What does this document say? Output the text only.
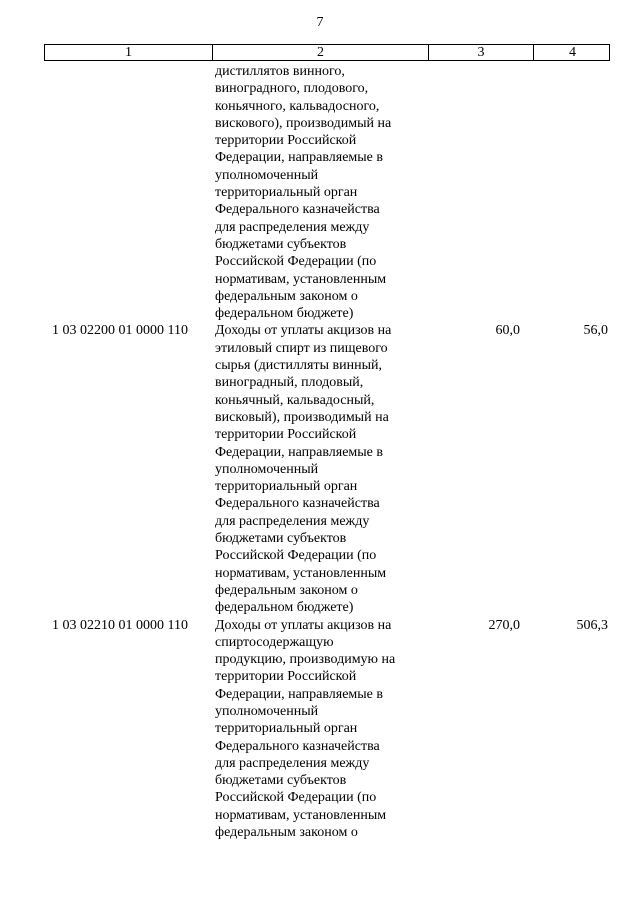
7
1	2	3	4
дистиллятов винного,
виноградного, плодового,
коньячного, кальвадосного,
вискового), производимый на
территории Российской
Федерации, направляемые в
уполномоченный
территориальный орган
Федерального казначейства
для распределения между
бюджетами субъектов
Российской Федерации (по
нормативам, установленным
федеральным законом о
федеральном бюджете)
1 03 02200 01 0000 110	Доходы от уплаты акцизов на
этиловый спирт из пищевого
сырья (дистилляты винный,
виноградный, плодовый,
коньячный, кальвадосный,
висковый), производимый на
территории Российской
Федерации, направляемые в
уполномоченный
территориальный орган
Федерального казначейства
для распределения между
бюджетами субъектов
Российской Федерации (по
нормативам, установленным
федеральным законом о
федеральном бюджете)
60,0	56,0
1 03 02210 01 0000 110	Доходы от уплаты акцизов на
спиртосодержащую
продукцию, производимую на
территории Российской
Федерации, направляемые в
уполномоченный
территориальный орган
Федерального казначейства
для распределения между
бюджетами субъектов
Российской Федерации (по
нормативам, установленным
федеральным законом о
270,0	506,3
